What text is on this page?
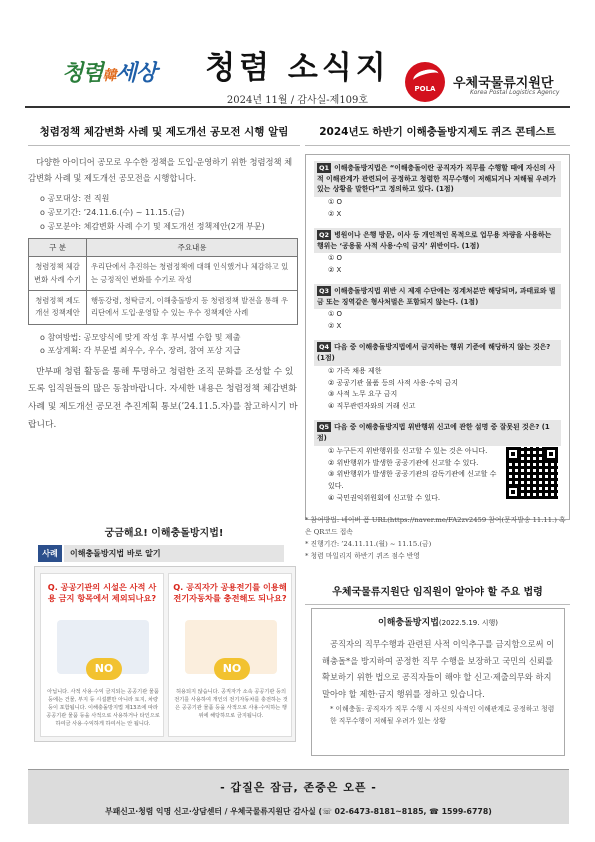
청렴韓세상	청렴 소식지
2024년 11월 / 감사실-제109호
POLA	우체국물류지원단
Korea Postal Logistics Agency
청렴정책 체감변화 사례 및 제도개선 공모전 시행 알림
다양한 아이디어 공모로 우수한 정책을 도입·운영하기 위한 청렴정책 체감변화 사례 및 제도개선 공모전을 시행합니다.
o 공모대상: 전 직원
o 공모기간: ’24.11.6.(수) ~ 11.15.(금)
o 공모분야: 체감변화 사례 수기 및 제도개선 정책제안(2개 부문)
구 분	주요내용
청렴정책 체감변화 사례 수기	우리단에서 추진하는 청렴정책에 대해 인식했거나 체감하고 있는 긍정적인 변화를 수기로 작성
청렴정책 제도개선 정책제안	행동강령, 청탁금지, 이해충돌방지 등 청렴정책 발전을 통해 우리단에서 도입·운영할 수 있는 우수 정책제안 사례
o 참여방법: 공모양식에 맞게 작성 후 부서별 수합 및 제출
o 포상계획: 각 부문별 최우수, 우수, 장려, 참여 포상 지급
반부패 청렴 활동을 통해 투명하고 청렴한 조직 문화를 조성할 수 있도록 임직원들의 많은 동참바랍니다. 자세한 내용은 청렴정책 체감변화 사례 및 제도개선 공모전 추진계획 통보(’24.11.5.자)를 참고하시기 바랍니다.
궁금해요! 이해충돌방지법!
사례	이해충돌방지법 바로 알기
Q. 공공기관의 시설은 사적 사용 금지 항목에서 제외되나요?
NO
아닙니다. 사적 사용·수익 금지되는 공공기관 물품 등에는 건물, 부지 등 시설뿐만 아니라 토지, 차량 등이 포함됩니다. 이해충돌방지법 제13조에 따라 공공기관 물품 등을 사적으로 사용하거나 타인으로 하여금 사용·수익하게 하여서는 안 됩니다.
Q. 공직자가 공용전기를 이용해 전기자동차를 충전해도 되나요?
NO
허용되지 않습니다. 공직자가 소속 공공기관 등의 전기를 사용하여 개인의 전기자동차를 충전하는 것은 공공기관 물품 등을 사적으로 사용·수익하는 행위에 해당하므로 금지됩니다.
2024년도 하반기 이해충돌방지제도 퀴즈 콘테스트
Q1 이해충돌방지법은 “이해충돌이란 공직자가 직무를 수행할 때에 자신의 사적 이해관계가 관련되어 공정하고 청렴한 직무수행이 저해되거나 저해될 우려가 있는 상황을 말한다”고 정의하고 있다. (1점)
① O
② X
Q2 병원이나 은행 방문, 이사 등 개인적인 목적으로 업무용 차량을 사용하는 행위는 ‘공용물 사적 사용·수익 금지’ 위반이다. (1점)
① O
② X
Q3 이해충돌방지법 위반 시 제재 수단에는 징계처분만 해당되며, 과태료와 벌금 또는 징역같은 형사처벌은 포함되지 않는다. (1점)
① O
② X
Q4 다음 중 이해충돌방지법에서 금지하는 행위 기준에 해당하지 않는 것은? (1점)
① 가족 채용 제한
② 공공기관 물품 등의 사적 사용·수익 금지
③ 사적 노무 요구 금지
④ 직무관련자와의 거래 신고
Q5 다음 중 이해충돌방지법 위반행위 신고에 관한 설명 중 잘못된 것은? (1점)
① 누구든지 위반행위를 신고할 수 있는 것은 아니다.
② 위반행위가 발생한 공공기관에 신고할 수 있다.
③ 위반행위가 발생한 공공기관의 감독기관에 신고할 수 있다.
④ 국민권익위원회에 신고할 수 있다.
* 참여방법: 네이버 폼 URL(https://naver.me/FA2zv2459 참여(문자발송 11.11.) 혹은 QR코드 접속
* 진행기간: ’24.11.11.(월) ~ 11.15.(금)
* 청렴 마일리지 하반기 퀴즈 점수 반영
우체국물류지원단 임직원이 알아야 할 주요 법령
이해충돌방지법(2022.5.19. 시행)
공직자의 직무수행과 관련된 사적 이익추구를 금지함으로써 이해충돌*을 방지하여 공정한 직무 수행을 보장하고 국민의 신뢰를 확보하기 위한 법으로 공직자들이 해야 할 신고·제출의무와 하지말아야 할 제한·금지 행위를 정하고 있습니다.
* 이해충돌: 공직자가 직무 수행 시 자신의 사적인 이해관계로 공정하고 청렴한 직무수행이 저해될 우려가 있는 상황
- 갑질은 잠금, 존중은 오픈 -
부패신고·청렴 익명 신고·상담센터 / 우체국물류지원단 감사실 (☏ 02-6473-8181~8185, ☎ 1599-6778)
